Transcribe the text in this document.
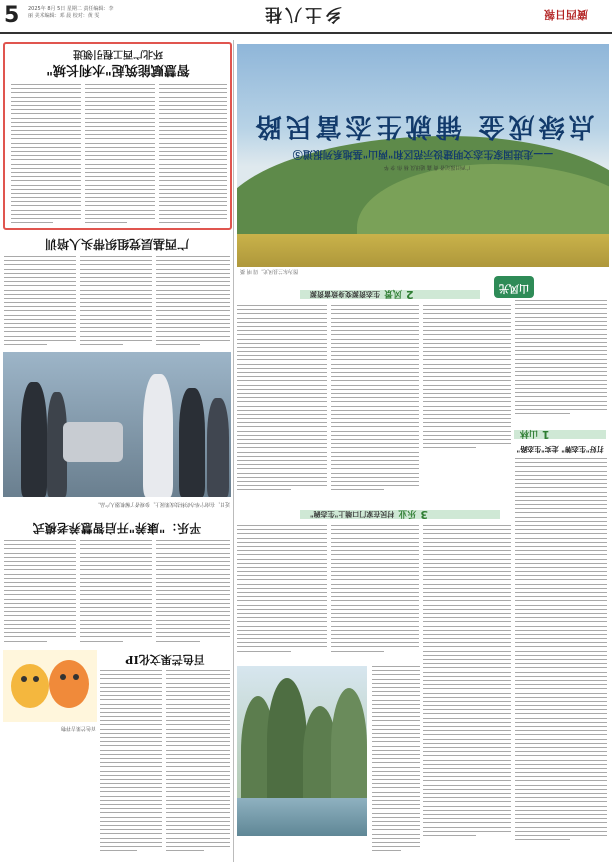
5 2025年 8月 5日 星期二 责任编辑：李 丽 美术编辑：邓 晨 校对：黄 雯	乡土八桂	廣西日報
环北广西工程引领进
智慧赋能筑起"水利长城"
广西基层党组织带头人培训
近日，在南宁举办的科技成果展上，参观者了解机器人产品。
平乐："康养"开启智慧养老模式
百色芒果吉祥物
百色芒果文化IP
点绿成金 铺就生态富民路
——走进国家生态文明建设示范区和"两山"基地系列报道⑤
广西日报记者 黄 鑫 通讯员 杨 伟 李 华
图为东兰县风光。周 明 摄
山风光
2
风景
生态资源变身致富资源
1
山林
打好"生态牌" 走实"生态路"
3
乐业
村民在家门口端上"生态碗"
